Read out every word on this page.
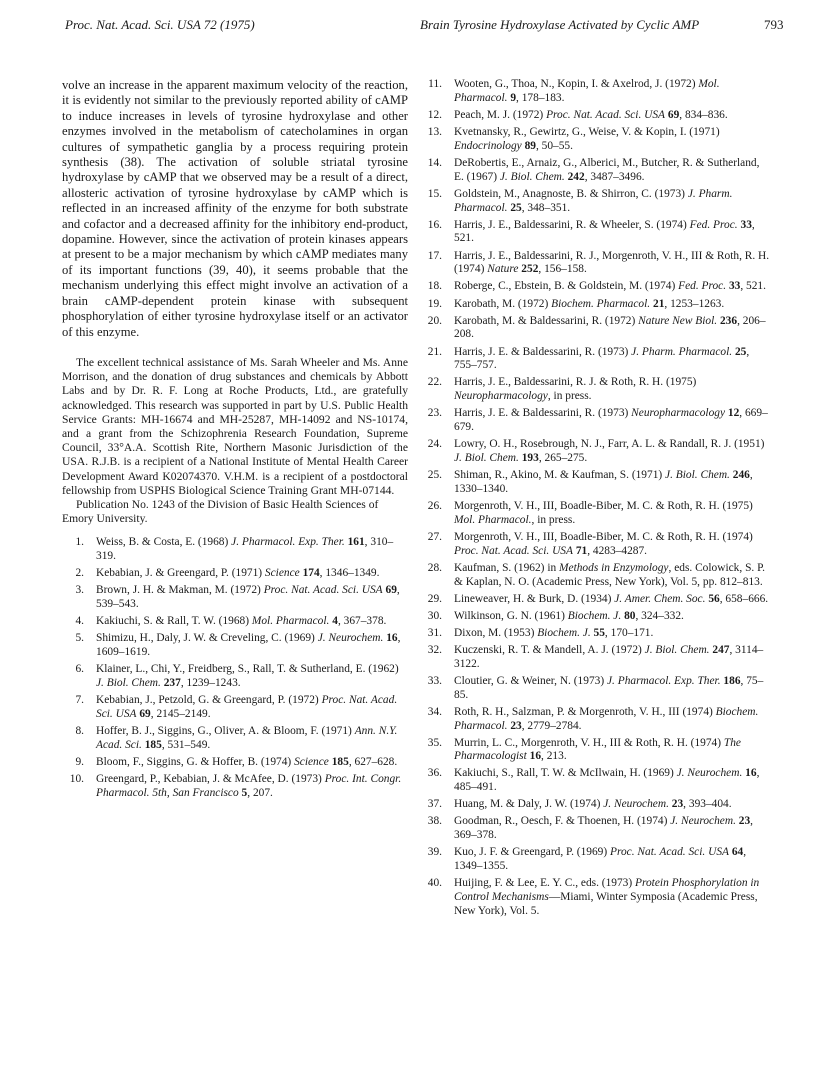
Proc. Nat. Acad. Sci. USA 72 (1975)	Brain Tyrosine Hydroxylase Activated by Cyclic AMP	793

volve an increase in the apparent maximum velocity of the reaction, it is evidently not similar to the previously reported ability of cAMP to induce increases in levels of tyrosine hydroxylase and other enzymes involved in the metabolism of catecholamines in organ cultures of sympathetic ganglia by a process requiring protein synthesis (38). The activation of soluble striatal tyrosine hydroxylase by cAMP that we observed may be a result of a direct, allosteric activation of tyrosine hydroxylase by cAMP which is reflected in an increased affinity of the enzyme for both substrate and cofactor and a decreased affinity for the inhibitory end-product, dopamine. However, since the activation of protein kinases appears at present to be a major mechanism by which cAMP mediates many of its important functions (39, 40), it seems probable that the mechanism underlying this effect might involve an activation of a brain cAMP-dependent protein kinase with subsequent phosphorylation of either tyrosine hydroxylase itself or an activator of this enzyme.

The excellent technical assistance of Ms. Sarah Wheeler and Ms. Anne Morrison, and the donation of drug substances and chemicals by Abbott Labs and by Dr. R. F. Long at Roche Products, Ltd., are gratefully acknowledged. This research was supported in part by U.S. Public Health Service Grants: MH-16674 and MH-25287, MH-14092 and NS-10174, and a grant from the Schizophrenia Research Foundation, Supreme Council, 33°A.A. Scottish Rite, Northern Masonic Jurisdiction of the USA. R.J.B. is a recipient of a National Institute of Mental Health Career Development Award K02074370. V.H.M. is a recipient of a postdoctoral fellowship from USPHS Biological Science Training Grant MH-07144.

Publication No. 1243 of the Division of Basic Health Sciences of Emory University.

1. Weiss, B. & Costa, E. (1968) J. Pharmacol. Exp. Ther. 161, 310–319.
2. Kebabian, J. & Greengard, P. (1971) Science 174, 1346–1349.
3. Brown, J. H. & Makman, M. (1972) Proc. Nat. Acad. Sci. USA 69, 539–543.
4. Kakiuchi, S. & Rall, T. W. (1968) Mol. Pharmacol. 4, 367–378.
5. Shimizu, H., Daly, J. W. & Creveling, C. (1969) J. Neurochem. 16, 1609–1619.
6. Klainer, L., Chi, Y., Freidberg, S., Rall, T. & Sutherland, E. (1962) J. Biol. Chem. 237, 1239–1243.
7. Kebabian, J., Petzold, G. & Greengard, P. (1972) Proc. Nat. Acad. Sci. USA 69, 2145–2149.
8. Hoffer, B. J., Siggins, G., Oliver, A. & Bloom, F. (1971) Ann. N.Y. Acad. Sci. 185, 531–549.
9. Bloom, F., Siggins, G. & Hoffer, B. (1974) Science 185, 627–628.
10. Greengard, P., Kebabian, J. & McAfee, D. (1973) Proc. Int. Congr. Pharmacol. 5th, San Francisco 5, 207.
11. Wooten, G., Thoa, N., Kopin, I. & Axelrod, J. (1972) Mol. Pharmacol. 9, 178–183.
12. Peach, M. J. (1972) Proc. Nat. Acad. Sci. USA 69, 834–836.
13. Kvetnansky, R., Gewirtz, G., Weise, V. & Kopin, I. (1971) Endocrinology 89, 50–55.
14. DeRobertis, E., Arnaiz, G., Alberici, M., Butcher, R. & Sutherland, E. (1967) J. Biol. Chem. 242, 3487–3496.
15. Goldstein, M., Anagnoste, B. & Shirron, C. (1973) J. Pharm. Pharmacol. 25, 348–351.
16. Harris, J. E., Baldessarini, R. & Wheeler, S. (1974) Fed. Proc. 33, 521.
17. Harris, J. E., Baldessarini, R. J., Morgenroth, V. H., III & Roth, R. H. (1974) Nature 252, 156–158.
18. Roberge, C., Ebstein, B. & Goldstein, M. (1974) Fed. Proc. 33, 521.
19. Karobath, M. (1972) Biochem. Pharmacol. 21, 1253–1263.
20. Karobath, M. & Baldessarini, R. (1972) Nature New Biol. 236, 206–208.
21. Harris, J. E. & Baldessarini, R. (1973) J. Pharm. Pharmacol. 25, 755–757.
22. Harris, J. E., Baldessarini, R. J. & Roth, R. H. (1975) Neuropharmacology, in press.
23. Harris, J. E. & Baldessarini, R. (1973) Neuropharmacology 12, 669–679.
24. Lowry, O. H., Rosebrough, N. J., Farr, A. L. & Randall, R. J. (1951) J. Biol. Chem. 193, 265–275.
25. Shiman, R., Akino, M. & Kaufman, S. (1971) J. Biol. Chem. 246, 1330–1340.
26. Morgenroth, V. H., III, Boadle-Biber, M. C. & Roth, R. H. (1975) Mol. Pharmacol., in press.
27. Morgenroth, V. H., III, Boadle-Biber, M. C. & Roth, R. H. (1974) Proc. Nat. Acad. Sci. USA 71, 4283–4287.
28. Kaufman, S. (1962) in Methods in Enzymology, eds. Colowick, S. P. & Kaplan, N. O. (Academic Press, New York), Vol. 5, pp. 812–813.
29. Lineweaver, H. & Burk, D. (1934) J. Amer. Chem. Soc. 56, 658–666.
30. Wilkinson, G. N. (1961) Biochem. J. 80, 324–332.
31. Dixon, M. (1953) Biochem. J. 55, 170–171.
32. Kuczenski, R. T. & Mandell, A. J. (1972) J. Biol. Chem. 247, 3114–3122.
33. Cloutier, G. & Weiner, N. (1973) J. Pharmacol. Exp. Ther. 186, 75–85.
34. Roth, R. H., Salzman, P. & Morgenroth, V. H., III (1974) Biochem. Pharmacol. 23, 2779–2784.
35. Murrin, L. C., Morgenroth, V. H., III & Roth, R. H. (1974) The Pharmacologist 16, 213.
36. Kakiuchi, S., Rall, T. W. & McIlwain, H. (1969) J. Neurochem. 16, 485–491.
37. Huang, M. & Daly, J. W. (1974) J. Neurochem. 23, 393–404.
38. Goodman, R., Oesch, F. & Thoenen, H. (1974) J. Neurochem. 23, 369–378.
39. Kuo, J. F. & Greengard, P. (1969) Proc. Nat. Acad. Sci. USA 64, 1349–1355.
40. Huijing, F. & Lee, E. Y. C., eds. (1973) Protein Phosphorylation in Control Mechanisms—Miami, Winter Symposia (Academic Press, New York), Vol. 5.
